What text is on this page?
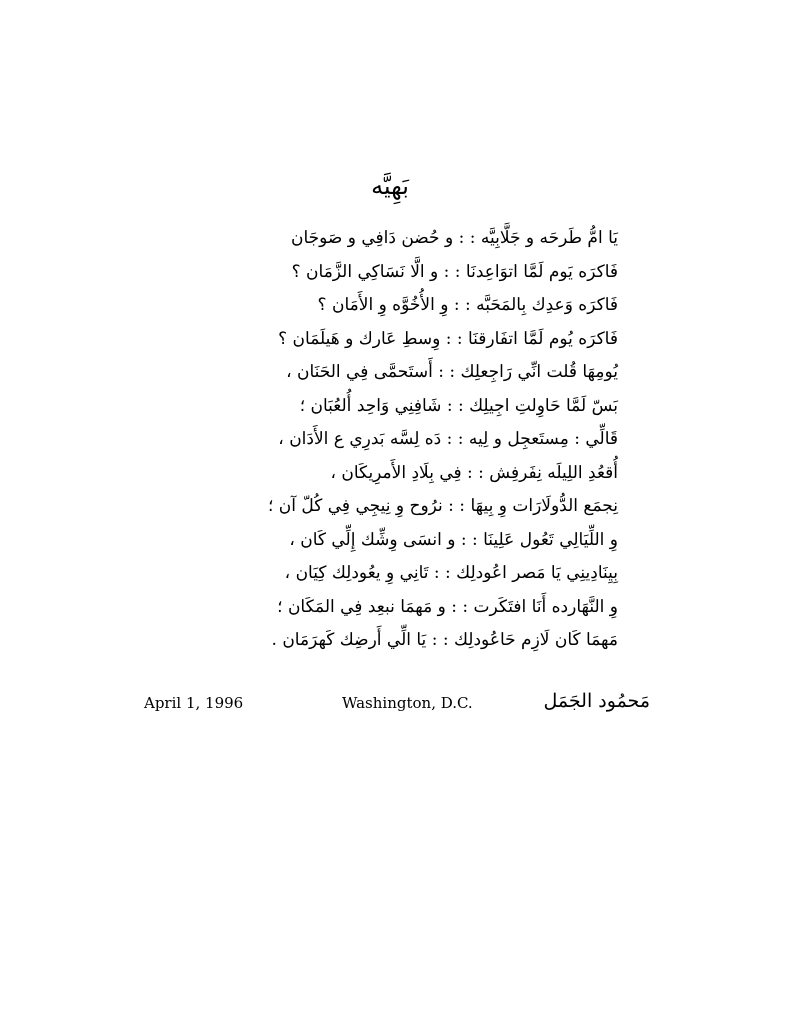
بَهِيَّه
يَا امُّ طَرحَه و جَلَّابِيَّه : : و حُضن دَافِي و صَوجَان
فَاكرَه يَوم لَمَّا اتوَاعِدنَا : : و الَّا نَسَاكِي الزَّمَان ؟
فَاكرَه وَعدِك بِالمَحَبَّه : : وِ الأُخُوَّه وِ الأَمَان ؟
فَاكرَه يُوم لَمَّا اتفَارقنَا : : وِسطِ عَارك و هَيلَمَان ؟
يُومِهَا قُلت انِّي رَاجِعلِك : : أَستَحمَّى فِي الحَنَان ،
بَسّ لَمَّا حَاوِلتِ اجِيلِك : : شَافِنِي وَاحِد أُلعُبَان ؛
قَالِّي : مِستَعجِل و لِيه : : دَه لِسَّه بَدرِي ع الأَدَان ،
أُقعُدِ اللِيلَه نِفَرفِش : : فِي بِلَادِ الأَمرِيكَان ،
نِجمَع الدُّولَارَات وِ بِيهَا : : نرُوح وِ نِيجِي فِي كُلّ آن ؛
وِ اللِّيَالِي تَعُول عَلِينَا : : و انسَى وِشِّك إِلِّي كَان ،
بِيِنَادِينِي يَا مَصر اعُودلِك : : تَانِي وِ يعُودلِك كِيَان ،
وِ النَّهَارده أَنَا افتَكَرت : : و مَهمَا نبعِد فِي المَكَان ؛
مَهمَا كَان لَازِم حَاعُودلِك : : يَا الِّي أَرضِك كَهرَمَان .
April 1, 1996	Washington, D.C.	مَحمُود الجَمَل
